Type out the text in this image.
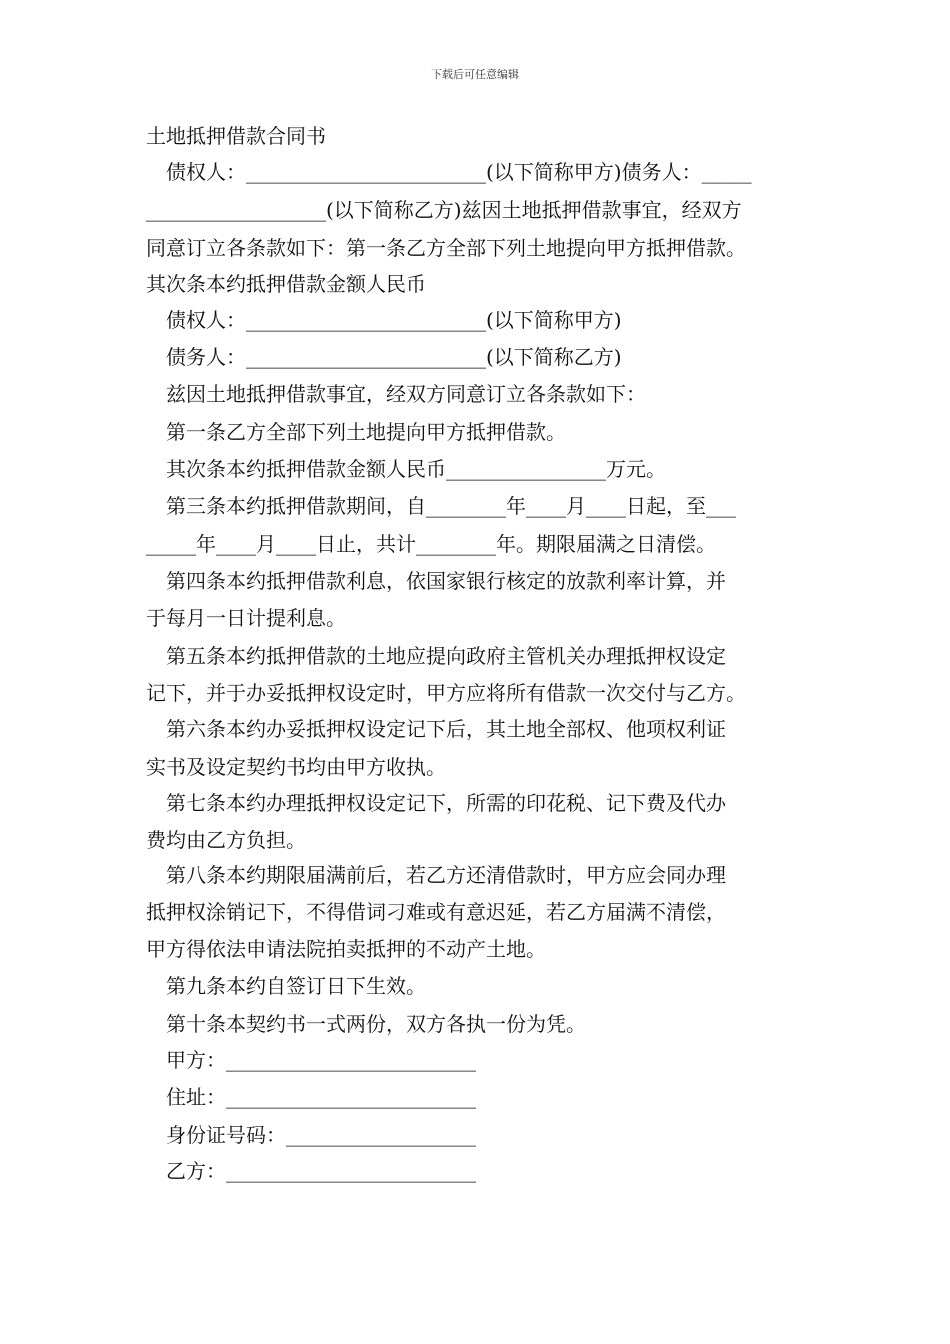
下载后可任意编辑
土地抵押借款合同书
债权人：________________________(以下简称甲方)债务人：_____
__________________(以下简称乙方)兹因土地抵押借款事宜，经双方
同意订立各条款如下：第一条乙方全部下列土地提向甲方抵押借款。
其次条本约抵押借款金额人民币
债权人：________________________(以下简称甲方)
债务人：________________________(以下简称乙方)
兹因土地抵押借款事宜，经双方同意订立各条款如下：
第一条乙方全部下列土地提向甲方抵押借款。
其次条本约抵押借款金额人民币________________万元。
第三条本约抵押借款期间，自________年____月____日起，至___
_____年____月____日止，共计________年。期限届满之日清偿。
第四条本约抵押借款利息，依国家银行核定的放款利率计算，并
于每月一日计提利息。
第五条本约抵押借款的土地应提向政府主管机关办理抵押权设定
记下，并于办妥抵押权设定时，甲方应将所有借款一次交付与乙方。
第六条本约办妥抵押权设定记下后，其土地全部权、他项权利证
实书及设定契约书均由甲方收执。
第七条本约办理抵押权设定记下，所需的印花税、记下费及代办
费均由乙方负担。
第八条本约期限届满前后，若乙方还清借款时，甲方应会同办理
抵押权涂销记下，不得借词刁难或有意迟延，若乙方届满不清偿，
甲方得依法申请法院拍卖抵押的不动产土地。
第九条本约自签订日下生效。
第十条本契约书一式两份，双方各执一份为凭。
甲方：_________________________
住址：_________________________
身份证号码：___________________
乙方：_________________________
